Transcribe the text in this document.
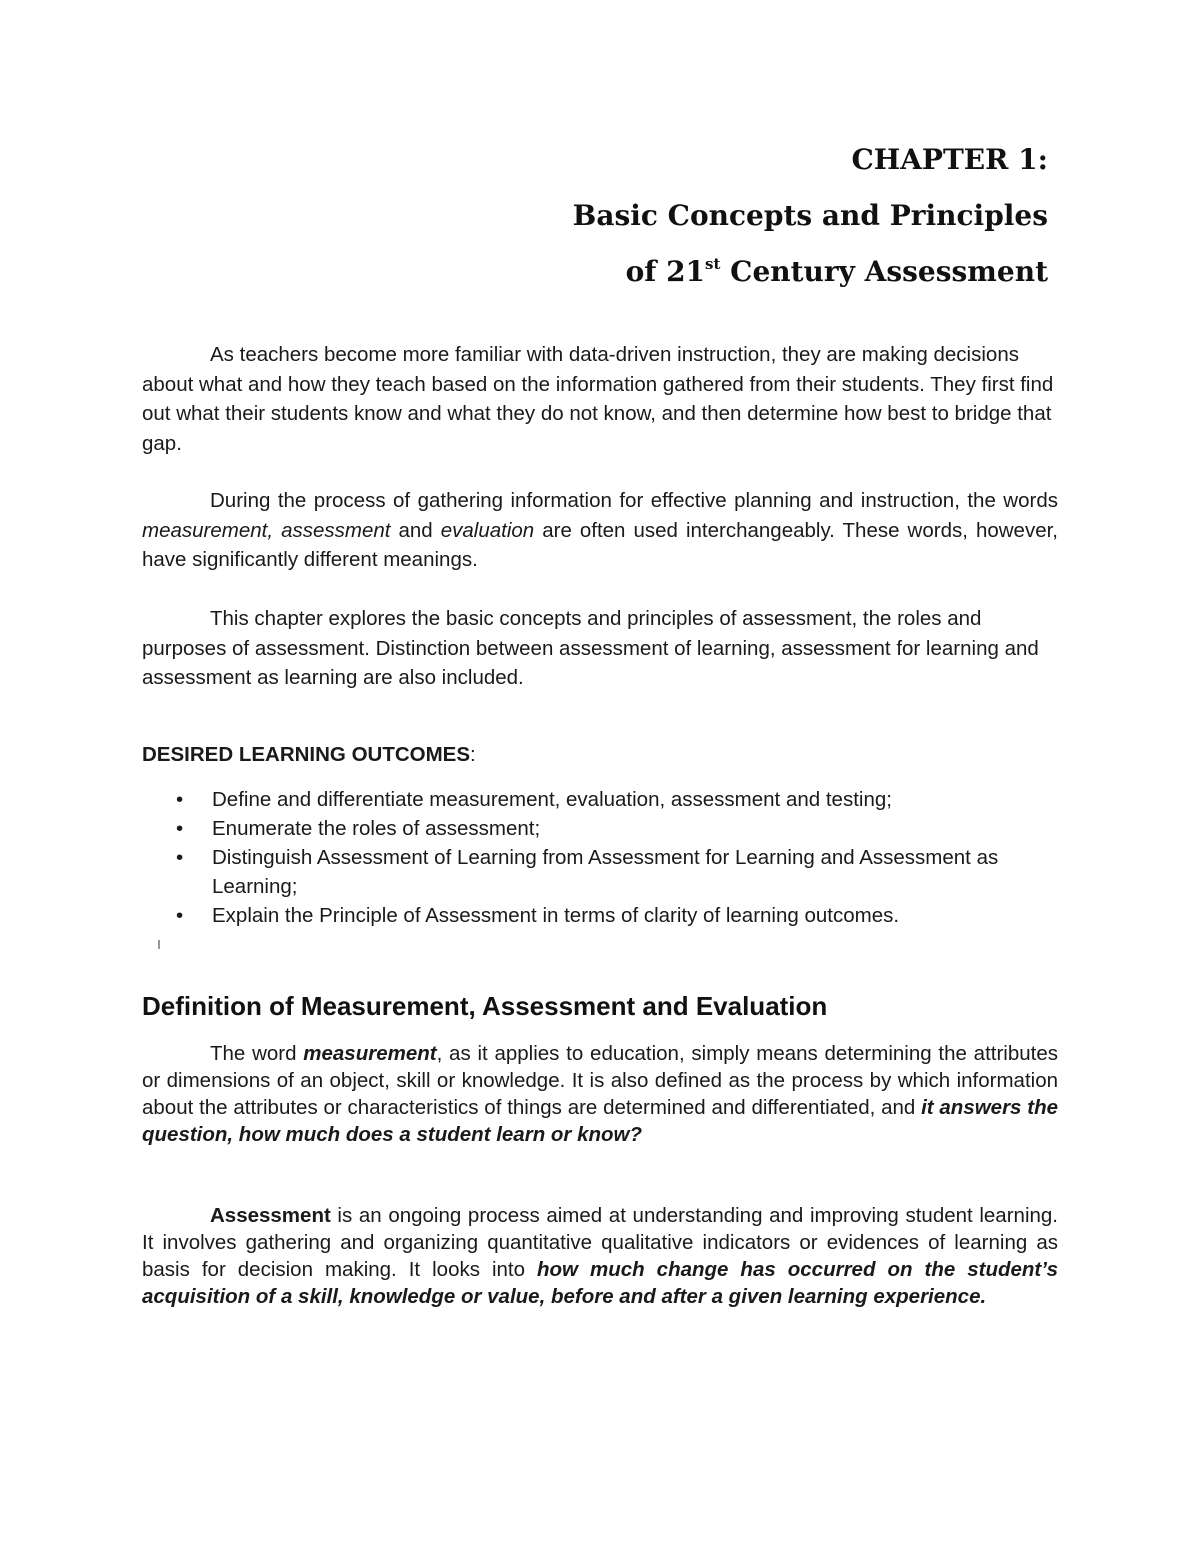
CHAPTER 1:
Basic Concepts and Principles
of 21st Century Assessment

As teachers become more familiar with data-driven instruction, they are making decisions about what and how they teach based on the information gathered from their students. They first find out what their students know and what they do not know, and then determine how best to bridge that gap.

During the process of gathering information for effective planning and instruction, the words measurement, assessment and evaluation are often used interchangeably. These words, however, have significantly different meanings.

This chapter explores the basic concepts and principles of assessment, the roles and purposes of assessment. Distinction between assessment of learning, assessment for learning and assessment as learning are also included.

DESIRED LEARNING OUTCOMES:
• Define and differentiate measurement, evaluation, assessment and testing;
• Enumerate the roles of assessment;
• Distinguish Assessment of Learning from Assessment for Learning and Assessment as Learning;
• Explain the Principle of Assessment in terms of clarity of learning outcomes.
Definition of Measurement, Assessment and Evaluation

The word measurement, as it applies to education, simply means determining the attributes or dimensions of an object, skill or knowledge. It is also defined as the process by which information about the attributes or characteristics of things are determined and differentiated, and it answers the question, how much does a student learn or know?

Assessment is an ongoing process aimed at understanding and improving student learning. It involves gathering and organizing quantitative qualitative indicators or evidences of learning as basis for decision making. It looks into how much change has occurred on the student’s acquisition of a skill, knowledge or value, before and after a given learning experience.
